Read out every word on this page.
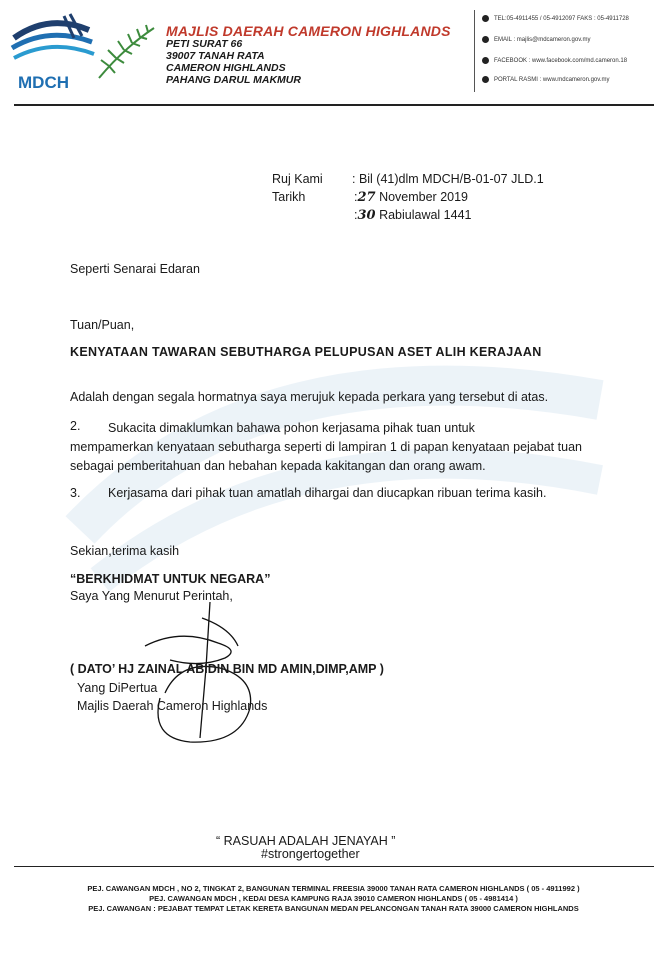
MDCH
MAJLIS DAERAH CAMERON HIGHLANDS
PETI SURAT 66
39007 TANAH RATA
CAMERON HIGHLANDS
PAHANG DARUL MAKMUR
TEL:05-4911455 / 05-4912097 FAKS : 05-4911728
EMAIL : majlis@mdcameron.gov.my
FACEBOOK : www.facebook.com/md.cameron.18
PORTAL RASMI : www.mdcameron.gov.my
Ruj Kami : Bil (41)dlm MDCH/B-01-07 JLD.1
Tarikh	:27 November 2019
:30 Rabiulawal 1441
Seperti Senarai Edaran
Tuan/Puan,
KENYATAAN TAWARAN SEBUTHARGA PELUPUSAN ASET ALIH KERAJAAN
Adalah dengan segala hormatnya saya merujuk kepada perkara yang tersebut di atas.
2. Sukacita dimaklumkan bahawa pohon kerjasama pihak tuan untuk
mempamerkan kenyataan sebutharga seperti di lampiran 1 di papan kenyataan pejabat tuan sebagai pemberitahuan dan hebahan kepada kakitangan dan orang awam.
3. Kerjasama dari pihak tuan amatlah dihargai dan diucapkan ribuan terima kasih.
Sekian,terima kasih
“BERKHIDMAT UNTUK NEGARA”
Saya Yang Menurut Perintah,
( DATO’ HJ ZAINAL ABIDIN BIN MD AMIN,DIMP,AMP )
Yang DiPertua
Majlis Daerah Cameron Highlands
“ RASUAH ADALAH JENAYAH ”
#strongertogether
PEJ. CAWANGAN MDCH , NO 2, TINGKAT 2, BANGUNAN TERMINAL FREESIA 39000 TANAH RATA CAMERON HIGHLANDS ( 05 - 4911992 )
PEJ. CAWANGAN MDCH , KEDAI DESA KAMPUNG RAJA 39010 CAMERON HIGHLANDS ( 05 - 4981414 )
PEJ. CAWANGAN : PEJABAT TEMPAT LETAK KERETA BANGUNAN MEDAN PELANCONGAN TANAH RATA 39000 CAMERON HIGHLANDS
